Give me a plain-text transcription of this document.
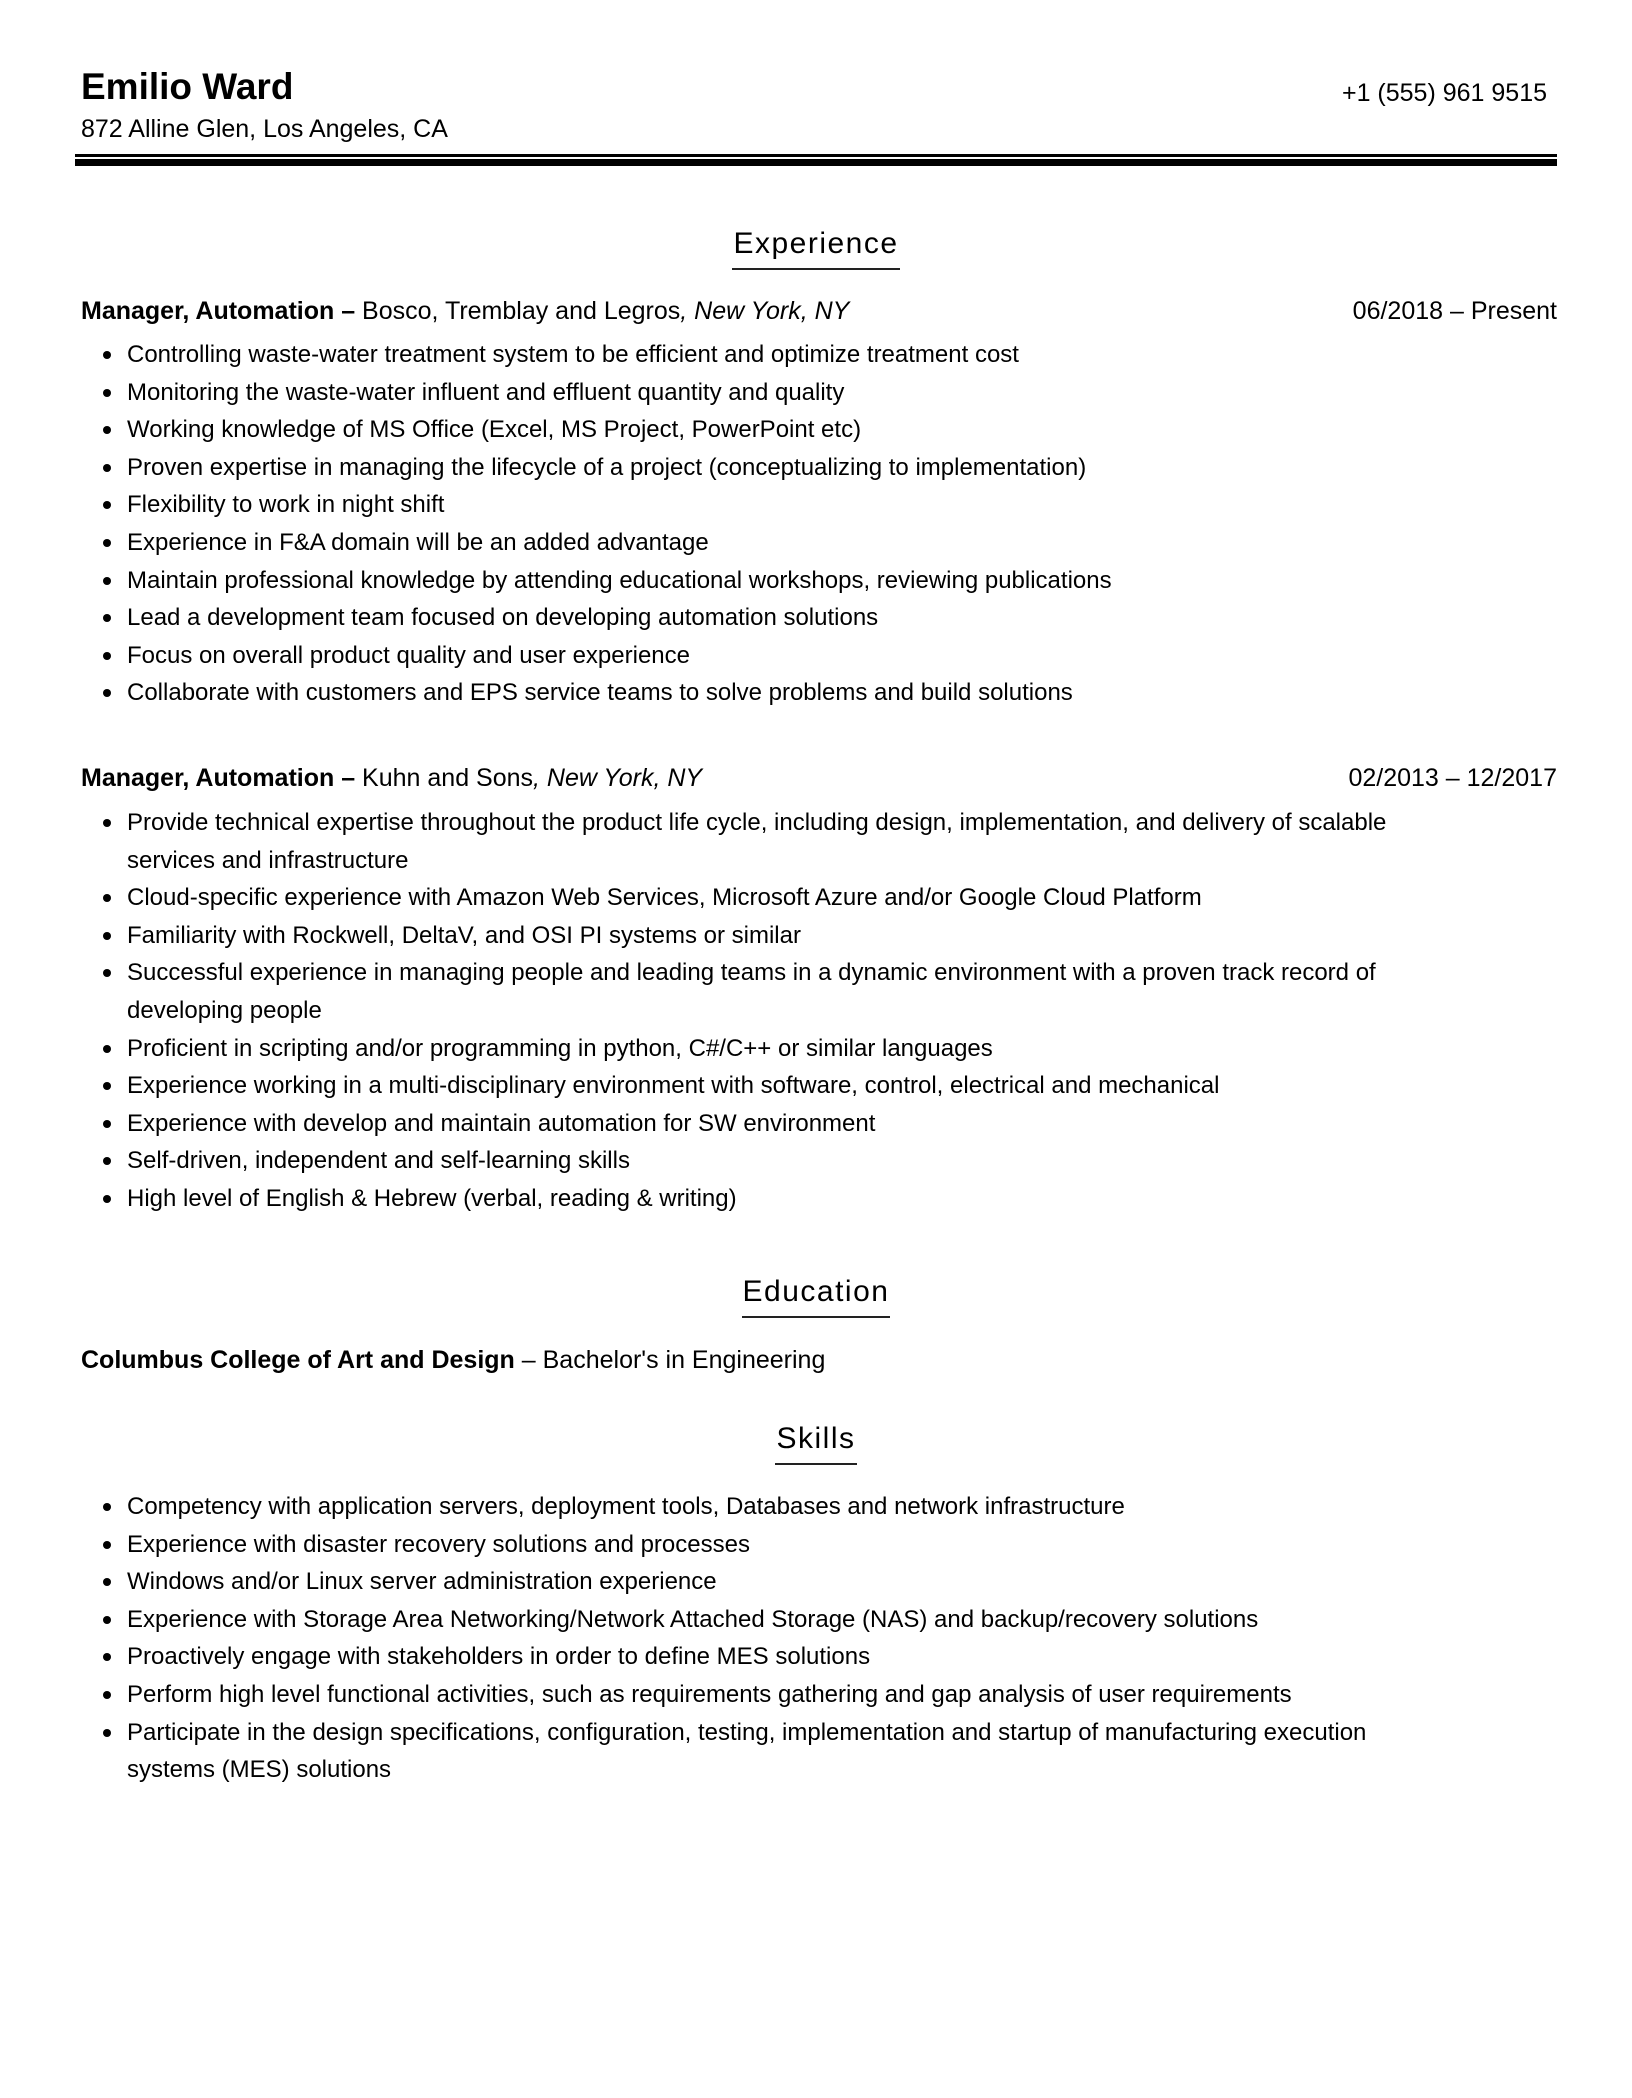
Emilio Ward
872 Alline Glen, Los Angeles, CA
+1 (555) 961 9515
Experience
Manager, Automation – Bosco, Tremblay and Legros, New York, NY	06/2018 – Present
Controlling waste-water treatment system to be efficient and optimize treatment cost
Monitoring the waste-water influent and effluent quantity and quality
Working knowledge of MS Office (Excel, MS Project, PowerPoint etc)
Proven expertise in managing the lifecycle of a project (conceptualizing to implementation)
Flexibility to work in night shift
Experience in F&A domain will be an added advantage
Maintain professional knowledge by attending educational workshops, reviewing publications
Lead a development team focused on developing automation solutions
Focus on overall product quality and user experience
Collaborate with customers and EPS service teams to solve problems and build solutions
Manager, Automation – Kuhn and Sons, New York, NY	02/2013 – 12/2017
Provide technical expertise throughout the product life cycle, including design, implementation, and delivery of scalable
services and infrastructure
Cloud-specific experience with Amazon Web Services, Microsoft Azure and/or Google Cloud Platform
Familiarity with Rockwell, DeltaV, and OSI PI systems or similar
Successful experience in managing people and leading teams in a dynamic environment with a proven track record of
developing people
Proficient in scripting and/or programming in python, C#/C++ or similar languages
Experience working in a multi-disciplinary environment with software, control, electrical and mechanical
Experience with develop and maintain automation for SW environment
Self-driven, independent and self-learning skills
High level of English & Hebrew (verbal, reading & writing)
Education
Columbus College of Art and Design – Bachelor's in Engineering
Skills
Competency with application servers, deployment tools, Databases and network infrastructure
Experience with disaster recovery solutions and processes
Windows and/or Linux server administration experience
Experience with Storage Area Networking/Network Attached Storage (NAS) and backup/recovery solutions
Proactively engage with stakeholders in order to define MES solutions
Perform high level functional activities, such as requirements gathering and gap analysis of user requirements
Participate in the design specifications, configuration, testing, implementation and startup of manufacturing execution
systems (MES) solutions
